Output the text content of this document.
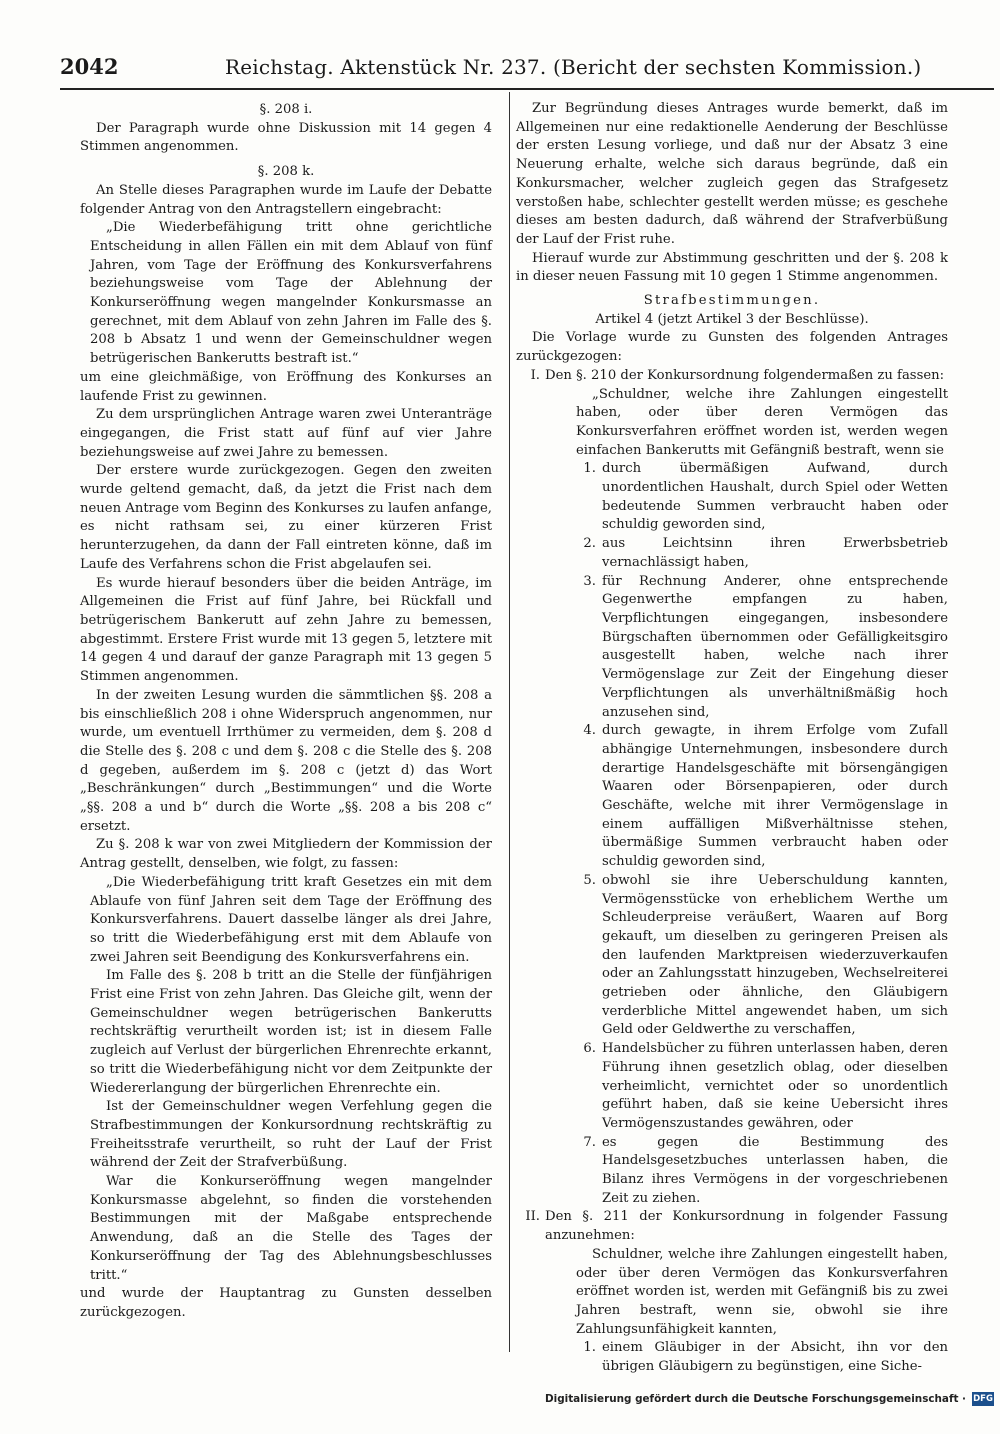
2042	Reichstag. Aktenstück Nr. 237. (Bericht der sechsten Kommission.)

§. 208 i.

Der Paragraph wurde ohne Diskussion mit 14 gegen 4 Stimmen angenommen.

§. 208 k.

An Stelle dieses Paragraphen wurde im Laufe der Debatte folgender Antrag von den Antragstellern eingebracht:

„Die Wiederbefähigung tritt ohne gerichtliche Entscheidung in allen Fällen ein mit dem Ablauf von fünf Jahren, vom Tage der Eröffnung des Konkursverfahrens beziehungsweise vom Tage der Ablehnung der Konkurseröffnung wegen mangelnder Konkursmasse an gerechnet, mit dem Ablauf von zehn Jahren im Falle des §. 208 b Absatz 1 und wenn der Gemeinschuldner wegen betrügerischen Bankerutts bestraft ist.“

um eine gleichmäßige, von Eröffnung des Konkurses an laufende Frist zu gewinnen.

Zu dem ursprünglichen Antrage waren zwei Unteranträge eingegangen, die Frist statt auf fünf auf vier Jahre beziehungsweise auf zwei Jahre zu bemessen.

Der erstere wurde zurückgezogen. Gegen den zweiten wurde geltend gemacht, daß, da jetzt die Frist nach dem neuen Antrage vom Beginn des Konkurses zu laufen anfange, es nicht rathsam sei, zu einer kürzeren Frist herunterzugehen, da dann der Fall eintreten könne, daß im Laufe des Verfahrens schon die Frist abgelaufen sei.

Es wurde hierauf besonders über die beiden Anträge, im Allgemeinen die Frist auf fünf Jahre, bei Rückfall und betrügerischem Bankerutt auf zehn Jahre zu bemessen, abgestimmt. Erstere Frist wurde mit 13 gegen 5, letztere mit 14 gegen 4 und darauf der ganze Paragraph mit 13 gegen 5 Stimmen angenommen.

In der zweiten Lesung wurden die sämmtlichen §§. 208 a bis einschließlich 208 i ohne Widerspruch angenommen, nur wurde, um eventuell Irrthümer zu vermeiden, dem §. 208 d die Stelle des §. 208 c und dem §. 208 c die Stelle des §. 208 d gegeben, außerdem im §. 208 c (jetzt d) das Wort „Beschränkungen“ durch „Bestimmungen“ und die Worte „§§. 208 a und b“ durch die Worte „§§. 208 a bis 208 c“ ersetzt.

Zu §. 208 k war von zwei Mitgliedern der Kommission der Antrag gestellt, denselben, wie folgt, zu fassen:

„Die Wiederbefähigung tritt kraft Gesetzes ein mit dem Ablaufe von fünf Jahren seit dem Tage der Eröffnung des Konkursverfahrens. Dauert dasselbe länger als drei Jahre, so tritt die Wiederbefähigung erst mit dem Ablaufe von zwei Jahren seit Beendigung des Konkursverfahrens ein.

Im Falle des §. 208 b tritt an die Stelle der fünfjährigen Frist eine Frist von zehn Jahren. Das Gleiche gilt, wenn der Gemeinschuldner wegen betrügerischen Bankerutts rechtskräftig verurtheilt worden ist; ist in diesem Falle zugleich auf Verlust der bürgerlichen Ehrenrechte erkannt, so tritt die Wiederbefähigung nicht vor dem Zeitpunkte der Wiedererlangung der bürgerlichen Ehrenrechte ein.

Ist der Gemeinschuldner wegen Verfehlung gegen die Strafbestimmungen der Konkursordnung rechtskräftig zu Freiheitsstrafe verurtheilt, so ruht der Lauf der Frist während der Zeit der Strafverbüßung.

War die Konkurseröffnung wegen mangelnder Konkursmasse abgelehnt, so finden die vorstehenden Bestimmungen mit der Maßgabe entsprechende Anwendung, daß an die Stelle des Tages der Konkurseröffnung der Tag des Ablehnungsbeschlusses tritt.“

und wurde der Hauptantrag zu Gunsten desselben zurückgezogen.

Zur Begründung dieses Antrages wurde bemerkt, daß im Allgemeinen nur eine redaktionelle Aenderung der Beschlüsse der ersten Lesung vorliege, und daß nur der Absatz 3 eine Neuerung erhalte, welche sich daraus begründe, daß ein Konkursmacher, welcher zugleich gegen das Strafgesetz verstoßen habe, schlechter gestellt werden müsse; es geschehe dieses am besten dadurch, daß während der Strafverbüßung der Lauf der Frist ruhe.

Hierauf wurde zur Abstimmung geschritten und der §. 208 k in dieser neuen Fassung mit 10 gegen 1 Stimme angenommen.

Strafbestimmungen.

Artikel 4 (jetzt Artikel 3 der Beschlüsse).

Die Vorlage wurde zu Gunsten des folgenden Antrages zurückgezogen:

I. Den §. 210 der Konkursordnung folgendermaßen zu fassen:

„Schuldner, welche ihre Zahlungen eingestellt haben, oder über deren Vermögen das Konkursverfahren eröffnet worden ist, werden wegen einfachen Bankerutts mit Gefängniß bestraft, wenn sie

1. durch übermäßigen Aufwand, durch unordentlichen Haushalt, durch Spiel oder Wetten bedeutende Summen verbraucht haben oder schuldig geworden sind,
2. aus Leichtsinn ihren Erwerbsbetrieb vernachlässigt haben,
3. für Rechnung Anderer, ohne entsprechende Gegenwerthe empfangen zu haben, Verpflichtungen eingegangen, insbesondere Bürgschaften übernommen oder Gefälligkeitsgiro ausgestellt haben, welche nach ihrer Vermögenslage zur Zeit der Eingehung dieser Verpflichtungen als unverhältnißmäßig hoch anzusehen sind,
4. durch gewagte, in ihrem Erfolge vom Zufall abhängige Unternehmungen, insbesondere durch derartige Handelsgeschäfte mit börsengängigen Waaren oder Börsenpapieren, oder durch Geschäfte, welche mit ihrer Vermögenslage in einem auffälligen Mißverhältnisse stehen, übermäßige Summen verbraucht haben oder schuldig geworden sind,
5. obwohl sie ihre Ueberschuldung kannten, Vermögensstücke von erheblichem Werthe um Schleuderpreise veräußert, Waaren auf Borg gekauft, um dieselben zu geringeren Preisen als den laufenden Marktpreisen wiederzuverkaufen oder an Zahlungsstatt hinzugeben, Wechselreiterei getrieben oder ähnliche, den Gläubigern verderbliche Mittel angewendet haben, um sich Geld oder Geldwerthe zu verschaffen,
6. Handelsbücher zu führen unterlassen haben, deren Führung ihnen gesetzlich oblag, oder dieselben verheimlicht, vernichtet oder so unordentlich geführt haben, daß sie keine Uebersicht ihres Vermögenszustandes gewähren, oder
7. es gegen die Bestimmung des Handelsgesetzbuches unterlassen haben, die Bilanz ihres Vermögens in der vorgeschriebenen Zeit zu ziehen.
II. Den §. 211 der Konkursordnung in folgender Fassung anzunehmen:

Schuldner, welche ihre Zahlungen eingestellt haben, oder über deren Vermögen das Konkursverfahren eröffnet worden ist, werden mit Gefängniß bis zu zwei Jahren bestraft, wenn sie, obwohl sie ihre Zahlungsunfähigkeit kannten,

1. einem Gläubiger in der Absicht, ihn vor den übrigen Gläubigern zu begünstigen, eine Siche-
Digitalisierung gefördert durch die Deutsche Forschungsgemeinschaft · DFG
